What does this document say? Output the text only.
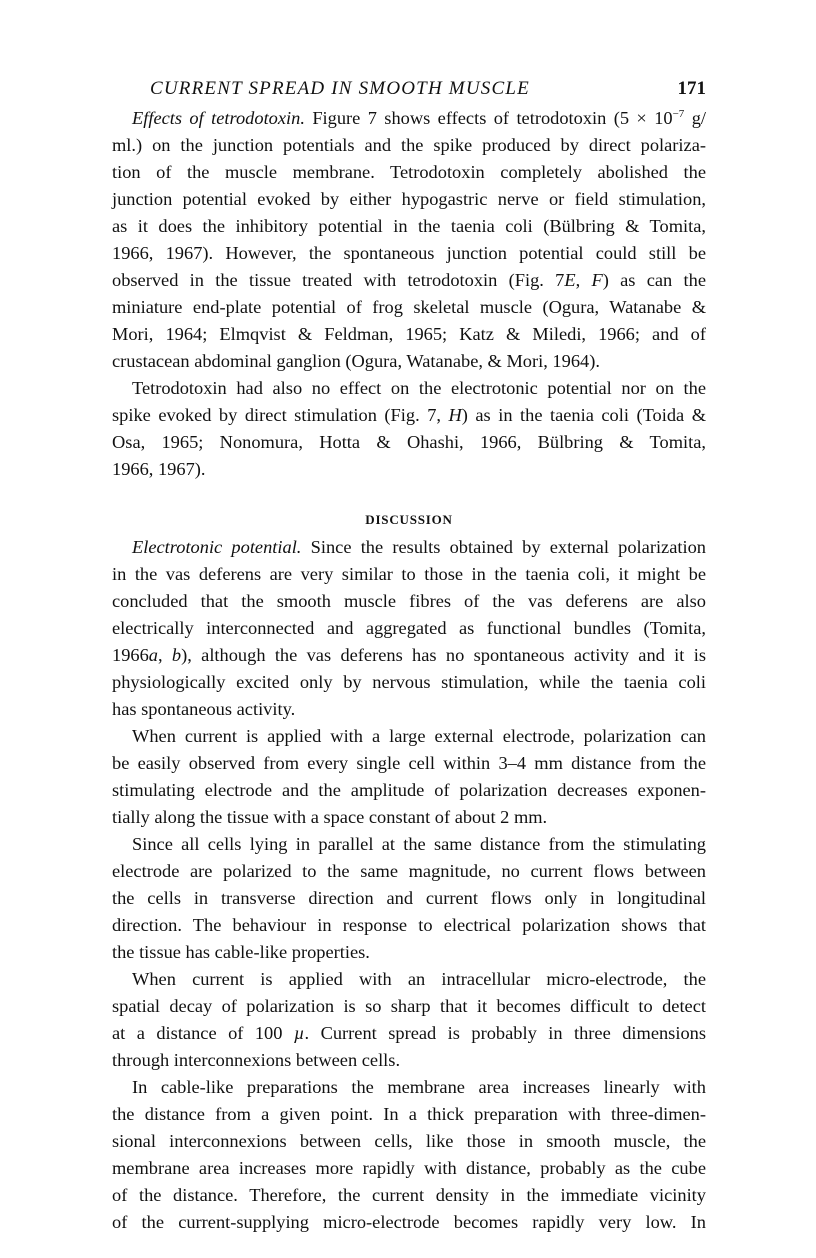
CURRENT SPREAD IN SMOOTH MUSCLE	171
Effects of tetrodotoxin. Figure 7 shows effects of tetrodotoxin ($5 \times 10^{-7}$ g/
ml.) on the junction potentials and the spike produced by direct polariza-
tion of the muscle membrane. Tetrodotoxin completely abolished the
junction potential evoked by either hypogastric nerve or field stimulation,
as it does the inhibitory potential in the taenia coli (Bülbring & Tomita,
1966, 1967). However, the spontaneous junction potential could still be
observed in the tissue treated with tetrodotoxin (Fig. 7E, F) as can the
miniature end-plate potential of frog skeletal muscle (Ogura, Watanabe &
Mori, 1964; Elmqvist & Feldman, 1965; Katz & Miledi, 1966; and of
crustacean abdominal ganglion (Ogura, Watanabe, & Mori, 1964).
Tetrodotoxin had also no effect on the electrotonic potential nor on the
spike evoked by direct stimulation (Fig. 7, H) as in the taenia coli (Toida &
Osa, 1965; Nonomura, Hotta & Ohashi, 1966, Bülbring & Tomita,
1966, 1967).
DISCUSSION
Electrotonic potential. Since the results obtained by external polarization
in the vas deferens are very similar to those in the taenia coli, it might be
concluded that the smooth muscle fibres of the vas deferens are also
electrically interconnected and aggregated as functional bundles (Tomita,
1966a, b), although the vas deferens has no spontaneous activity and it is
physiologically excited only by nervous stimulation, while the taenia coli
has spontaneous activity.
When current is applied with a large external electrode, polarization can
be easily observed from every single cell within 3–4 mm distance from the
stimulating electrode and the amplitude of polarization decreases exponen-
tially along the tissue with a space constant of about 2 mm.
Since all cells lying in parallel at the same distance from the stimulating
electrode are polarized to the same magnitude, no current flows between
the cells in transverse direction and current flows only in longitudinal
direction. The behaviour in response to electrical polarization shows that
the tissue has cable-like properties.
When current is applied with an intracellular micro-electrode, the
spatial decay of polarization is so sharp that it becomes difficult to detect
at a distance of 100 µ. Current spread is probably in three dimensions
through interconnexions between cells.
In cable-like preparations the membrane area increases linearly with
the distance from a given point. In a thick preparation with three-dimen-
sional interconnexions between cells, like those in smooth muscle, the
membrane area increases more rapidly with distance, probably as the cube
of the distance. Therefore, the current density in the immediate vicinity
of the current-supplying micro-electrode becomes rapidly very low. In
